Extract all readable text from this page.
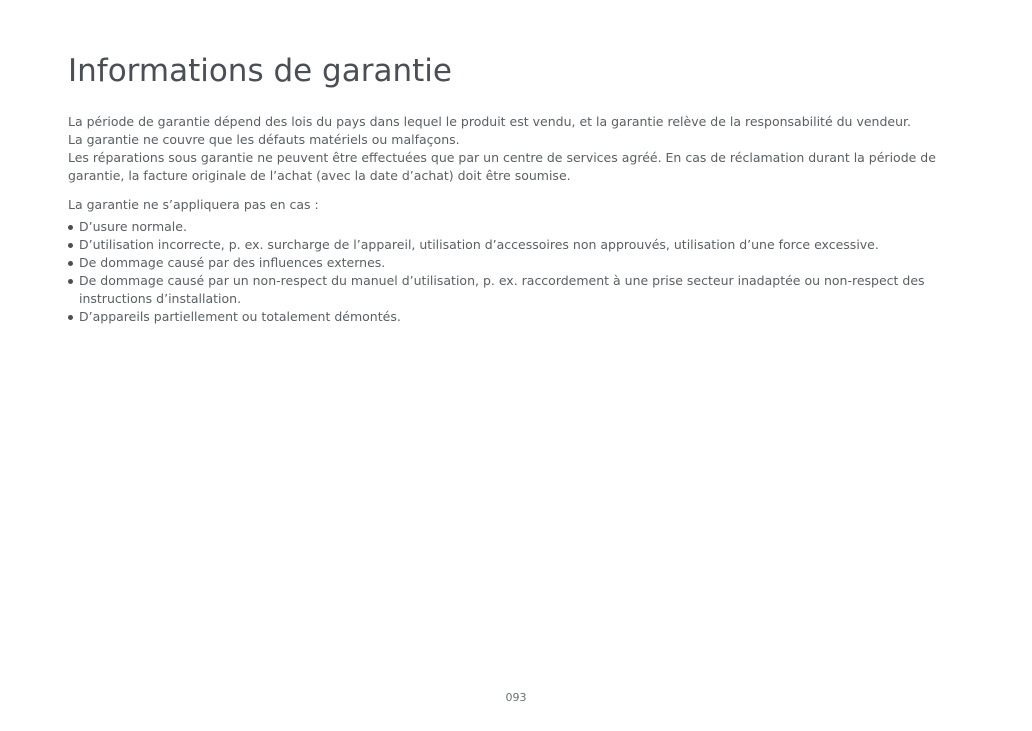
Informations de garantie

La période de garantie dépend des lois du pays dans lequel le produit est vendu, et la garantie relève de la responsabilité du vendeur.

La garantie ne couvre que les défauts matériels ou malfaçons.

Les réparations sous garantie ne peuvent être effectuées que par un centre de services agréé. En cas de réclamation durant la période de garantie, la facture originale de l’achat (avec la date d’achat) doit être soumise.

La garantie ne s’appliquera pas en cas :

D’usure normale.
D’utilisation incorrecte, p. ex. surcharge de l’appareil, utilisation d’accessoires non approuvés, utilisation d’une force excessive.
De dommage causé par des influences externes.
De dommage causé par un non-respect du manuel d’utilisation, p. ex. raccordement à une prise secteur inadaptée ou non-respect des instructions d’installation.
D’appareils partiellement ou totalement démontés.
093
